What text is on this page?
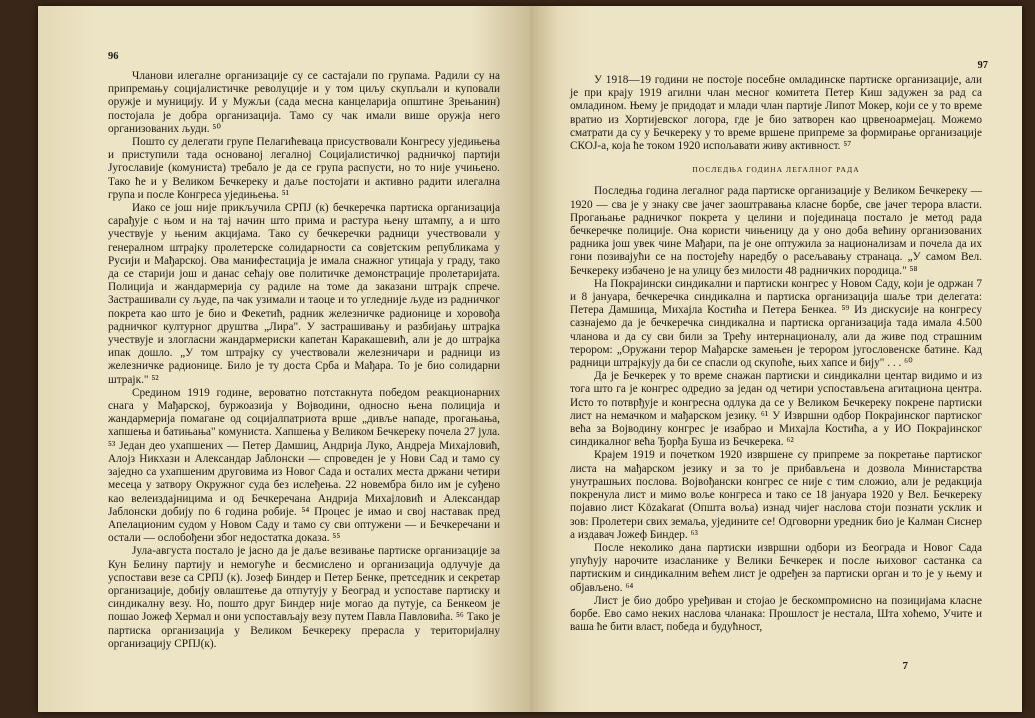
96

Чланови илегалне организације су се састајали по групама. Радили су на припремању социјалистичке револуције и у том циљу скупљали и куповали оружје и муницију. И у Мужљи (сада месна канцеларија општине Зрењанин) постојала је добра организација. Тамо су чак имали више оружја него организованих људи. ⁵⁰

Пошто су делегати групе Пелагићеваца присуствовали Конгресу уједињења и приступили тада основаној легалној Социјалистичкој радничкој партији Југославије (комуниста) требало је да се група распусти, но то није учињено. Тако ће и у Великом Бечкереку и даље постојати и активно радити илегална група и после Конгреса уједињења. ⁵¹

Иако се још није прикључила СРПЈ (к) бечкеречка партиска организација сарађује с њом и на тај начин што прима и растура њену штампу, а и што учествује у њеним акцијама. Тако су бечкеречки радници учествовали у генералном штрајку пролетерске солидарности са совјетским републикама у Русији и Мађарској. Ова манифестација је имала снажног утицаја у граду, тако да се старији још и данас сећају ове политичке демонстрације пролетаријата. Полиција и жандармерија су радиле на томе да заказани штрајк спрече. Застрашивали су људе, па чак узимали и таоце и то угледније људе из радничког покрета као што је био и Фекетић, радник железничке радионице и хоровођа радничког културног друштва „Лира". У застрашивању и разбијању штрајка учествује и злогласни жандармериски капетан Каракашевић, али је до штрајка ипак дошло. „У том штрајку су учествовали железничари и радници из железничке радионице. Било је ту доста Срба и Мађара. То је био солидарни штрајк." ⁵²

Средином 1919 године, вероватно потстакнута победом реакционарних снага у Мађарској, буржоазија у Војводини, односно њена полиција и жандармерија помагане од социјалпатриота врше „дивље нападе, прогањања, хапшења и батињања" комуниста. Хапшења у Великом Бечкереку почела 27 јула. ⁵³ Један део ухапшених — Петер Дамшиц, Андрија Луко, Андреја Михајловић, Алојз Никхази и Александар Јаблонски — спроведен је у Нови Сад и тамо су заједно са ухапшеним друговима из Новог Сада и осталих места држани четири месеца у затвору Окружног суда без ислеђења. 22 новембра било им је суђено као велеиздајницима и од Бечкеречана Андрија Михајловић и Александар Јаблонски добију по 6 година робије. ⁵⁴ Процес је имао и свој наставак пред Апелационим судом у Новом Саду и тамо су сви оптужени — и Бечкеречани и остали — ослобођени због недостатка доказа. ⁵⁵

Јула-августа постало је јасно да је даље везивање партиске организације за Кун Белину партију и немогуће и бесмислено и организација одлучује да успостави везе са СРПЈ (к). Јозеф Биндер и Петер Бенке, претседник и секретар организације, добију овлаштење да отпутују у Београд и успоставе партиску и синдикалну везу. Но, пошто друг Биндер није могао да путује, са Бенкеом је пошао Јожеф Хермал и они успостављају везу путем Павла Павловића. ⁵⁶ Тако је партиска организација у Великом Бечкереку прерасла у територијалну организацију СРПЈ(к).

97

У 1918—19 години не постоје посебне омладинске партиске организације, али је при крају 1919 агилни члан месног комитета Петер Киш задужен за рад са омладином. Њему је придодат и млади члан партије Липот Мокер, који се у то време вратио из Хортијевског логора, где је био затворен као црвеноармејац. Можемо сматрати да су у Бечкереку у то време вршене припреме за формирање организације СКОЈ-а, која ће током 1920 испољавати живу активност. ⁵⁷

ПОСЛЕДЊА ГОДИНА ЛЕГАЛНОГ РАДА

Последња година легалног рада партиске организације у Великом Бечкереку — 1920 — сва је у знаку све јачег заоштравања класне борбе, све јачег терора власти. Прогањање радничког покрета у целини и појединаца постало је метод рада бечкеречке полиције. Она користи чињеницу да у оно доба већину организованих радника још увек чине Мађари, па је оне оптужила за национализам и почела да их гони позивајући се на постојећу наредбу о расељавању странаца. „У самом Вел. Бечкереку избачено је на улицу без милости 48 радничких породица." ⁵⁸

На Покрајински синдикални и партиски конгрес у Новом Саду, који је одржан 7 и 8 јануара, бечкеречка синдикална и партиска организација шаље три делегата: Петера Дамшица, Михајла Костића и Петера Бенкеа. ⁵⁹ Из дискусије на конгресу сазнајемо да је бечкеречка синдикална и партиска организација тада имала 4.500 чланова и да су сви били за Трећу интернационалу, али да живе под страшним терором: „Оружани терор Мађарске замењен је терором југословенске батине. Кад радници штрајкују да би се спасли од скупоће, њих хапсе и бију" . . . ⁶⁰

Да је Бечкерек у то време снажан партиски и синдикални центар видимо и из тога што га је конгрес одредио за један од четири успостављена агитациона центра. Исто то потврђује и конгресна одлука да се у Великом Бечкереку покрене партиски лист на немачком и мађарском језику. ⁶¹ У Извршни одбор Покрајинског партиског већа за Војводину конгрес је изабрао и Михајла Костића, а у ИО Покрајинског синдикалног већа Ђорђа Буша из Бечкерека. ⁶²

Крајем 1919 и почетком 1920 извршене су припреме за покретање партиског листа на мађарском језику и за то је прибављена и дозвола Министарства унутрашњих послова. Војвођански конгрес се није с тим сложио, али је редакција покренула лист и мимо воље конгреса и тако се 18 јануара 1920 у Вел. Бечкереку појавио лист Közakarat (Општа воља) изнад чијег наслова стоји познати усклик и зов: Пролетери свих земаља, уједините се! Одговорни уредник био је Калман Сиснер а издавач Јожеф Биндер. ⁶³

После неколико дана партиски извршни одбори из Београда и Новог Сада упућују нарочите изасланике у Велики Бечкерек и после њиховог састанка са партиским и синдикалним већем лист је одређен за партиски орган и то је у њему и објављено. ⁶⁴

Лист је био добро уређиван и стојао је бескомпромисно на позицијама класне борбе. Ево само неких наслова чланака: Прошлост је нестала, Шта хоћемо, Учите и ваша ће бити власт, победа и будућност,

7
